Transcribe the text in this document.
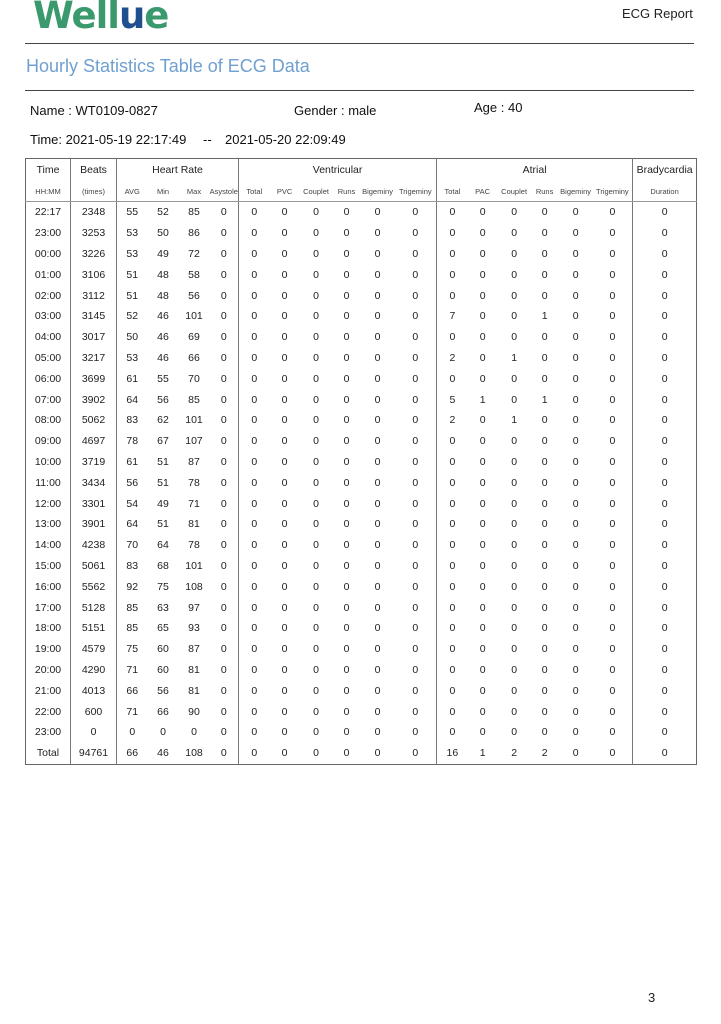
Wellue	ECG Report
Hourly Statistics Table of ECG Data
Name : WT0109-0827	Gender : male	Age : 40
Time: 2021-05-19 22:17:49 -- 2021-05-20 22:09:49
Time	Beats	Heart Rate				Ventricular						Atrial						Bradycardia
HH:MM	(times)	AVG	Min	Max	Asystole	Total	PVC	Couplet	Runs	Bigeminy	Trigeminy	Total	PAC	Couplet	Runs	Bigeminy	Trigeminy	Duration
22:17	2348	55	52	85	0	0	0	0	0	0	0	0	0	0	0	0	0	0
23:00	3253	53	50	86	0	0	0	0	0	0	0	0	0	0	0	0	0	0
00:00	3226	53	49	72	0	0	0	0	0	0	0	0	0	0	0	0	0	0
01:00	3106	51	48	58	0	0	0	0	0	0	0	0	0	0	0	0	0	0
02:00	3112	51	48	56	0	0	0	0	0	0	0	0	0	0	0	0	0	0
03:00	3145	52	46	101	0	0	0	0	0	0	0	7	0	0	1	0	0	0
04:00	3017	50	46	69	0	0	0	0	0	0	0	0	0	0	0	0	0	0
05:00	3217	53	46	66	0	0	0	0	0	0	0	2	0	1	0	0	0	0
06:00	3699	61	55	70	0	0	0	0	0	0	0	0	0	0	0	0	0	0
07:00	3902	64	56	85	0	0	0	0	0	0	0	5	1	0	1	0	0	0
08:00	5062	83	62	101	0	0	0	0	0	0	0	2	0	1	0	0	0	0
09:00	4697	78	67	107	0	0	0	0	0	0	0	0	0	0	0	0	0	0
10:00	3719	61	51	87	0	0	0	0	0	0	0	0	0	0	0	0	0	0
11:00	3434	56	51	78	0	0	0	0	0	0	0	0	0	0	0	0	0	0
12:00	3301	54	49	71	0	0	0	0	0	0	0	0	0	0	0	0	0	0
13:00	3901	64	51	81	0	0	0	0	0	0	0	0	0	0	0	0	0	0
14:00	4238	70	64	78	0	0	0	0	0	0	0	0	0	0	0	0	0	0
15:00	5061	83	68	101	0	0	0	0	0	0	0	0	0	0	0	0	0	0
16:00	5562	92	75	108	0	0	0	0	0	0	0	0	0	0	0	0	0	0
17:00	5128	85	63	97	0	0	0	0	0	0	0	0	0	0	0	0	0	0
18:00	5151	85	65	93	0	0	0	0	0	0	0	0	0	0	0	0	0	0
19:00	4579	75	60	87	0	0	0	0	0	0	0	0	0	0	0	0	0	0
20:00	4290	71	60	81	0	0	0	0	0	0	0	0	0	0	0	0	0	0
21:00	4013	66	56	81	0	0	0	0	0	0	0	0	0	0	0	0	0	0
22:00	600	71	66	90	0	0	0	0	0	0	0	0	0	0	0	0	0	0
23:00	0	0	0	0	0	0	0	0	0	0	0	0	0	0	0	0	0	0
Total	94761	66	46	108	0	0	0	0	0	0	0	16	1	2	2	0	0	0
3
